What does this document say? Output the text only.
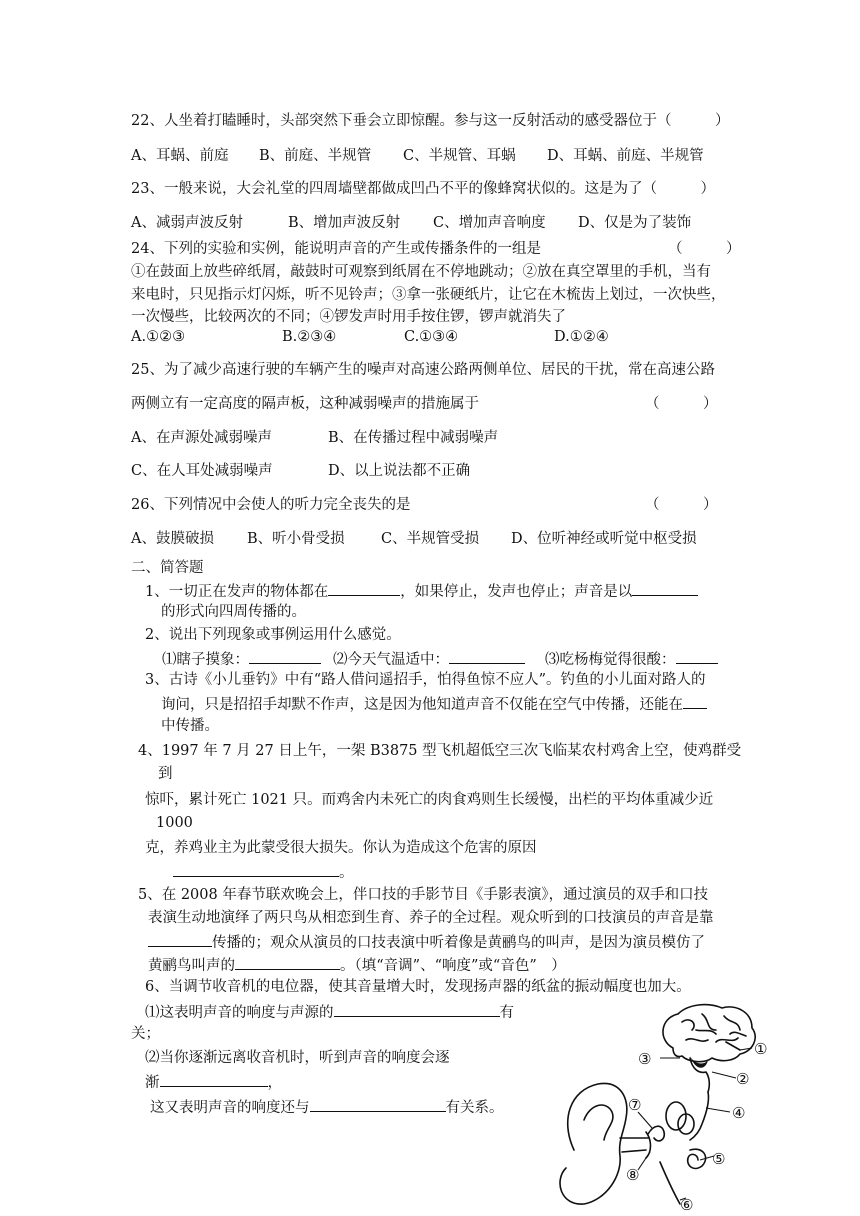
22、人坐着打瞌睡时，头部突然下垂会立即惊醒。参与这一反射活动的感受器位于（　　　）
A、耳蜗、前庭 B、前庭、半规管 C、半规管、耳蜗 D、耳蜗、前庭、半规管
23、一般来说，大会礼堂的四周墙壁都做成凹凸不平的像蜂窝状似的。这是为了（　　　）
A、减弱声波反射	B、增加声波反射 C、增加声音响度 D、仅是为了装饰
24、下列的实验和实例，能说明声音的产生或传播条件的一组是	（　　　）
①在鼓面上放些碎纸屑，敲鼓时可观察到纸屑在不停地跳动；②放在真空罩里的手机，当有
来电时，只见指示灯闪烁，听不见铃声；③拿一张硬纸片，让它在木梳齿上划过，一次快些，
一次慢些，比较两次的不同；④锣发声时用手按住锣，锣声就消失了
A.①②③	B.②③④	C.①③④	D.①②④
25、为了减少高速行驶的车辆产生的噪声对高速公路两侧单位、居民的干扰，常在高速公路
两侧立有一定高度的隔声板，这种减弱噪声的措施属于	（　　　）
A、在声源处减弱噪声	B、在传播过程中减弱噪声
C、在人耳处减弱噪声	D、以上说法都不正确
26、下列情况中会使人的听力完全丧失的是	（　　　）
A、鼓膜破损 B、听小骨受损	C、半规管受损 D、位听神经或听觉中枢受损
二、简答题
1、一切正在发声的物体都在	，如果停止，发声也停止；声音是以
的形式向四周传播的。
2、说出下列现象或事例运用什么感觉。
⑴瞎子摸象：	⑵今天气温适中：	⑶吃杨梅觉得很酸：
3、古诗《小儿垂钓》中有“路人借问遥招手，怕得鱼惊不应人”。钓鱼的小儿面对路人的
询问，只是招招手却默不作声，这是因为他知道声音不仅能在空气中传播，还能在
中传播。
4、1997 年 7 月 27 日上午，一架 B3875 型飞机超低空三次飞临某农村鸡舍上空，使鸡群受
到
惊吓，累计死亡 1021 只。而鸡舍内未死亡的肉食鸡则生长缓慢，出栏的平均体重减少近
1000
克，养鸡业主为此蒙受很大损失。你认为造成这个危害的原因
。
5、在 2008 年春节联欢晚会上，伴口技的手影节目《手影表演》，通过演员的双手和口技
表演生动地演绎了两只鸟从相恋到生育、养子的全过程。观众听到的口技演员的声音是靠
传播的；观众从演员的口技表演中听着像是黄鹂鸟的叫声，是因为演员模仿了
黄鹂鸟叫声的	。（填“音调”、“响度”或“音色”　）
6、当调节收音机的电位器，使其音量增大时，发现扬声器的纸盆的振动幅度也加大。
⑴这表明声音的响度与声源的	有
关；
⑵当你逐渐远离收音机时，听到声音的响度会逐
渐	，
这又表明声音的响度还与	有关系。
①
②
③
④
⑤
⑥
⑦
⑧
